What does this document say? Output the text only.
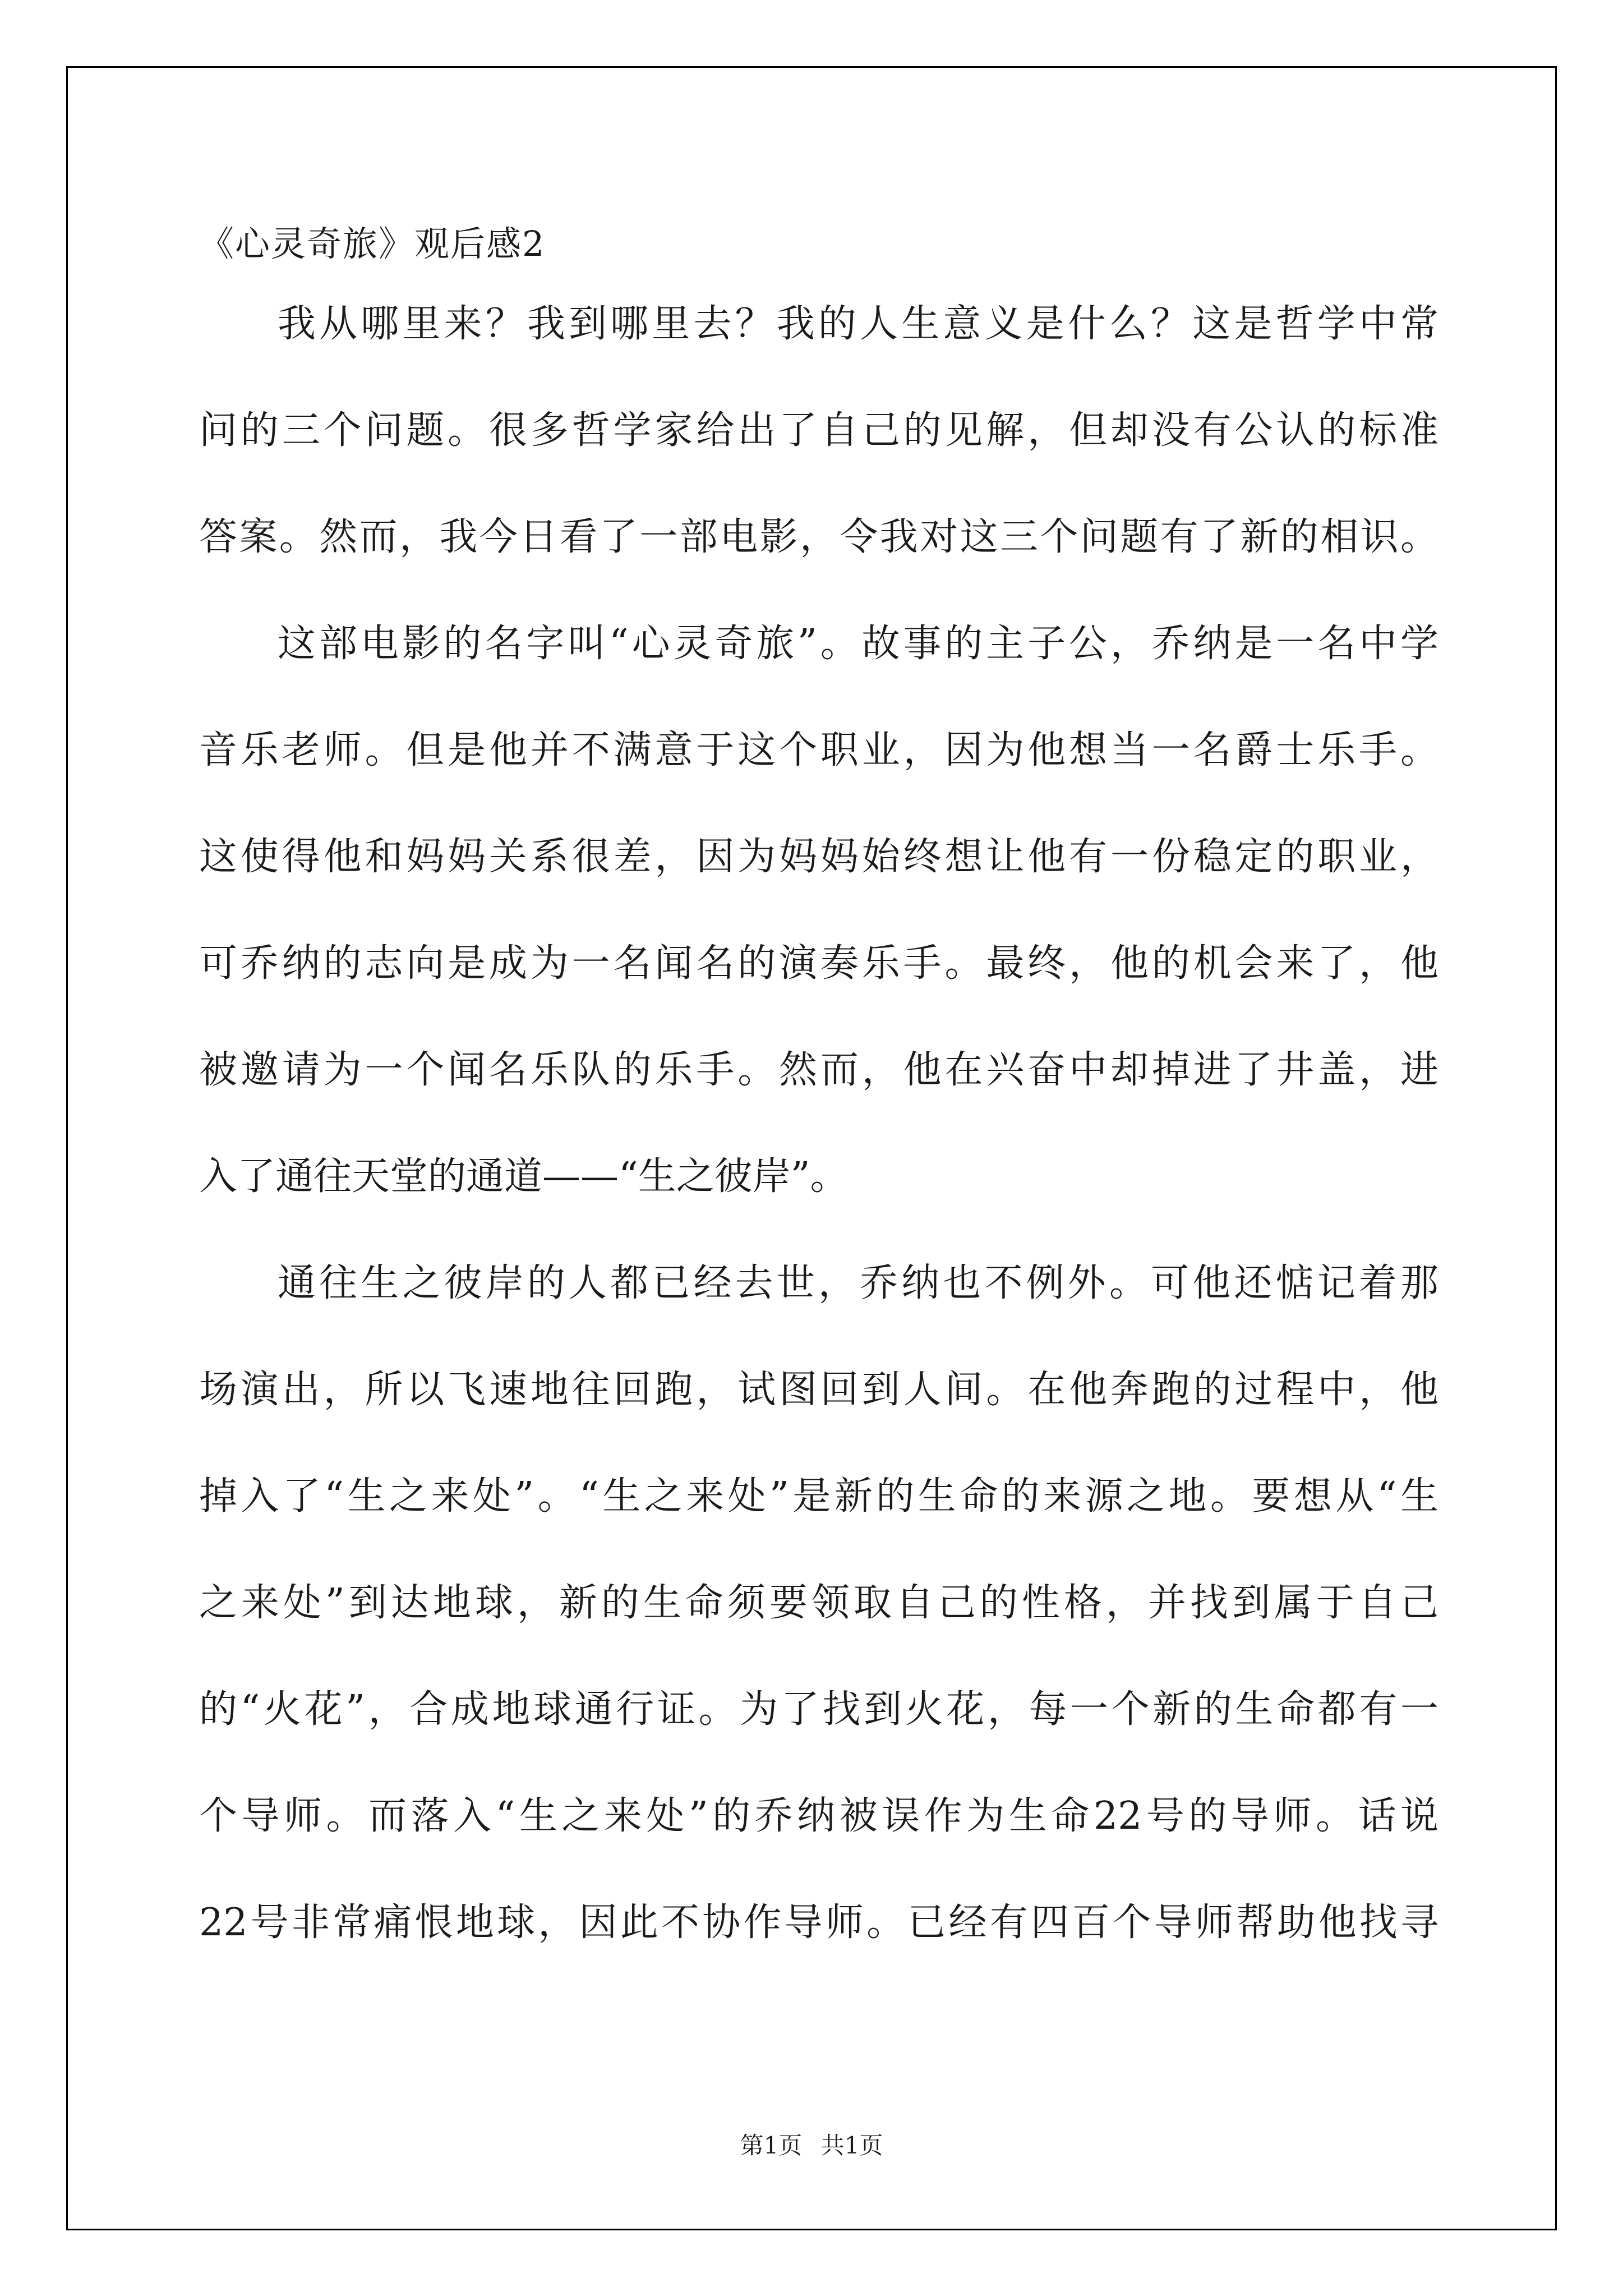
《心灵奇旅》观后感2
我从哪里来？我到哪里去？我的人生意义是什么？这是哲学中常
问的三个问题。很多哲学家给出了自己的见解，但却没有公认的标准
答案。然而，我今日看了一部电影，令我对这三个问题有了新的相识。
这部电影的名字叫“心灵奇旅”。故事的主子公，乔纳是一名中学
音乐老师。但是他并不满意于这个职业，因为他想当一名爵士乐手。
这使得他和妈妈关系很差，因为妈妈始终想让他有一份稳定的职业，
可乔纳的志向是成为一名闻名的演奏乐手。最终，他的机会来了，他
被邀请为一个闻名乐队的乐手。然而，他在兴奋中却掉进了井盖，进
入了通往天堂的通道——“生之彼岸”。
通往生之彼岸的人都已经去世，乔纳也不例外。可他还惦记着那
场演出，所以飞速地往回跑，试图回到人间。在他奔跑的过程中，他
掉入了“生之来处”。“生之来处”是新的生命的来源之地。要想从“生
之来处”到达地球，新的生命须要领取自己的性格，并找到属于自己
的“火花”，合成地球通行证。为了找到火花，每一个新的生命都有一
个导师。而落入“生之来处”的乔纳被误作为生命22号的导师。话说
22号非常痛恨地球，因此不协作导师。已经有四百个导师帮助他找寻
第1页 共1页
